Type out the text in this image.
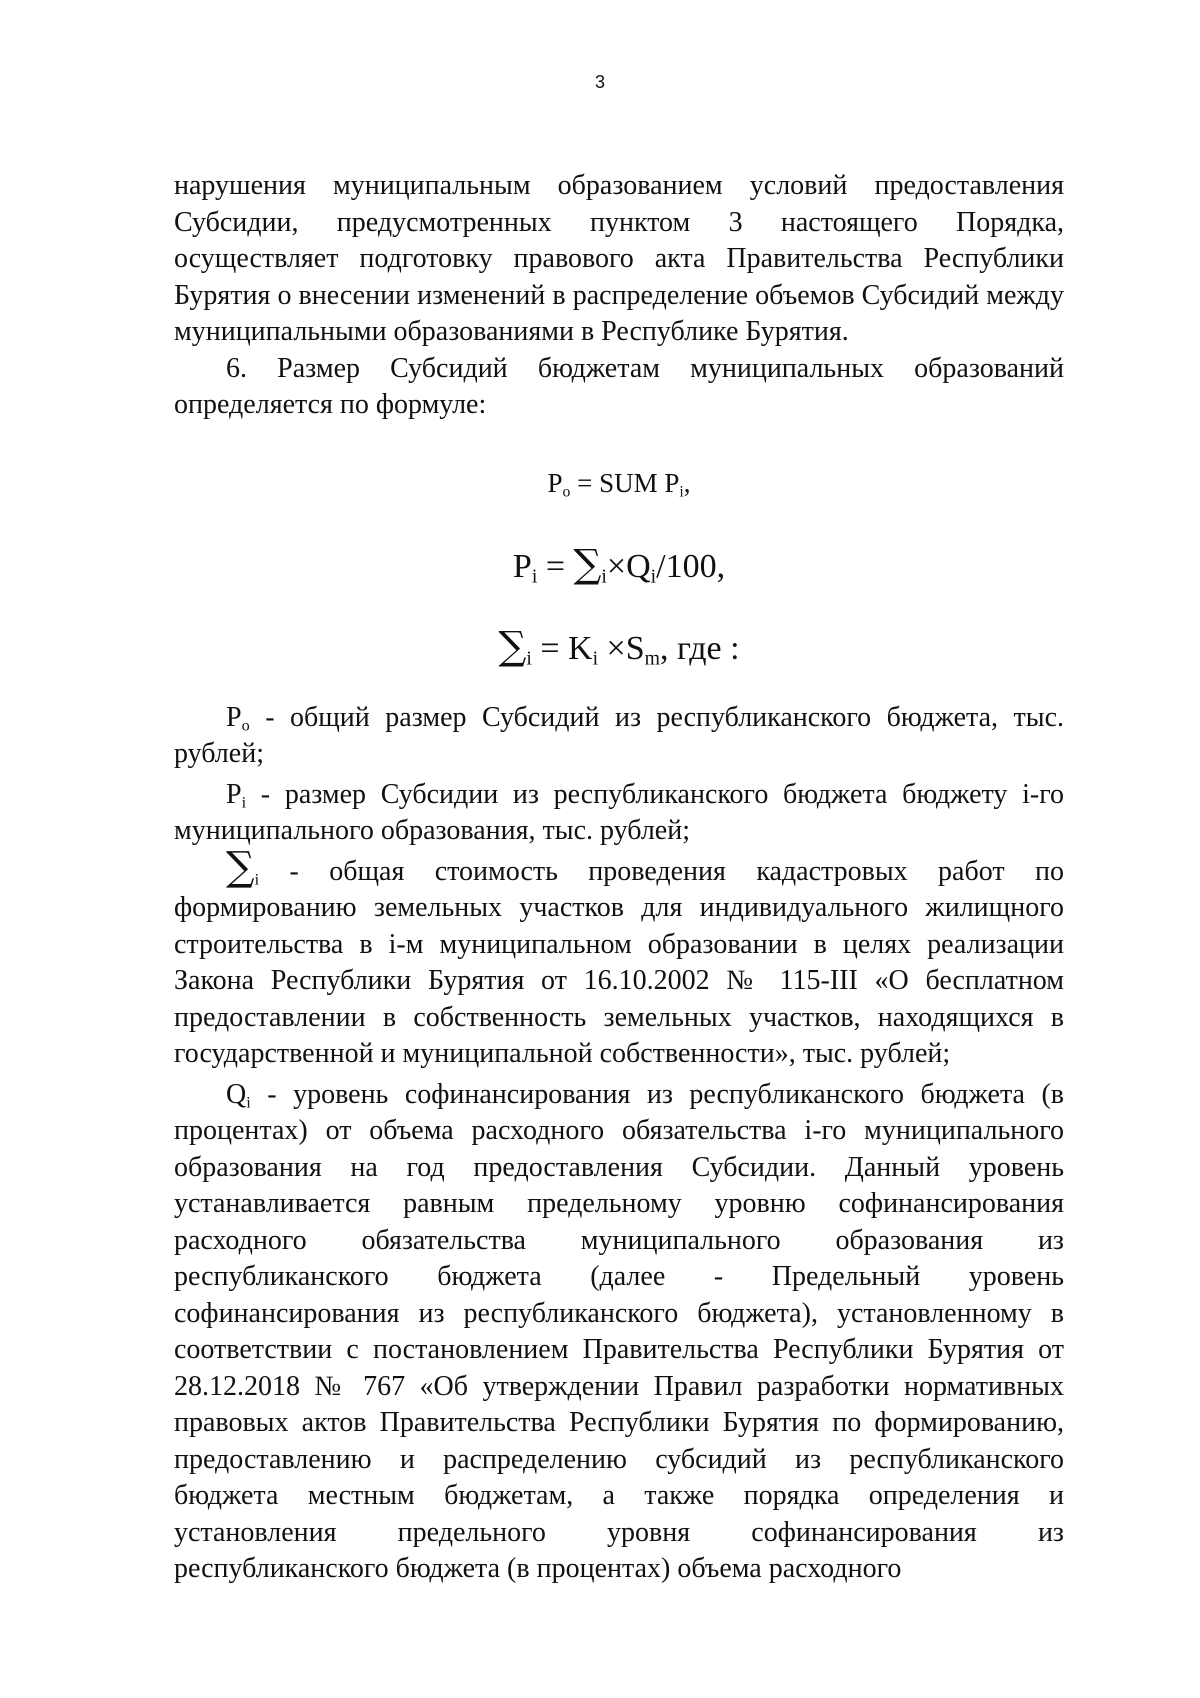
3

нарушения муниципальным образованием условий предоставления Субсидии, предусмотренных пунктом 3 настоящего Порядка, осуществляет подготовку правового акта Правительства Республики Бурятия о внесении изменений в распределение объемов Субсидий между муниципальными образованиями в Республике Бурятия.

6. Размер Субсидий бюджетам муниципальных образований определяется по формуле:

$P_o$ = SUM $P_i$,
$P_i = \sum_i\times Q_i/100$,
$\sum_i = K_i \times S_m$, где :

$P_o$ - общий размер Субсидий из республиканского бюджета, тыс. рублей;

$P_i$ - размер Субсидии из республиканского бюджета бюджету i-го муниципального образования, тыс. рублей;

$\sum_i$ - общая стоимость проведения кадастровых работ по формированию земельных участков для индивидуального жилищного строительства в i-м муниципальном образовании в целях реализации Закона Республики Бурятия от 16.10.2002 № 115-III «О бесплатном предоставлении в собственность земельных участков, находящихся в государственной и муниципальной собственности», тыс. рублей;

$Q_i$ - уровень софинансирования из республиканского бюджета (в процентах) от объема расходного обязательства i-го муниципального образования на год предоставления Субсидии. Данный уровень устанавливается равным предельному уровню софинансирования расходного обязательства муниципального образования из республиканского бюджета (далее - Предельный уровень софинансирования из республиканского бюджета), установленному в соответствии с постановлением Правительства Республики Бурятия от 28.12.2018 № 767 «Об утверждении Правил разработки нормативных правовых актов Правительства Республики Бурятия по формированию, предоставлению и распределению субсидий из республиканского бюджета местным бюджетам, а также порядка определения и установления предельного уровня софинансирования из республиканского бюджета (в процентах) объема расходного
